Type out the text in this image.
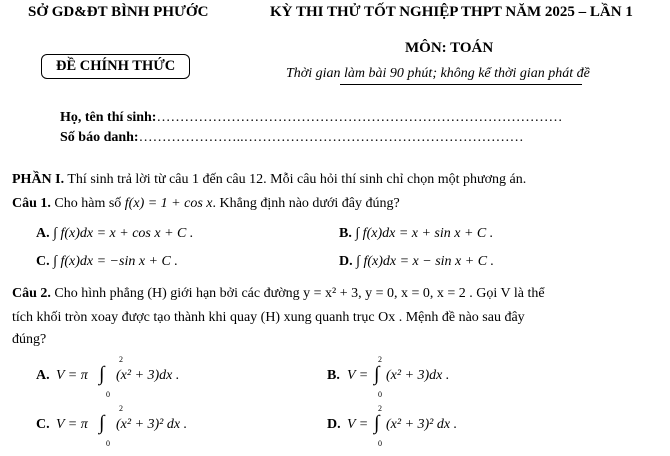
SỞ GD&ĐT BÌNH PHƯỚC
ĐỀ CHÍNH THỨC
KỲ THI THỬ TỐT NGHIỆP THPT NĂM 2025 – LẦN 1
MÔN: TOÁN
Thời gian làm bài 90 phút; không kể thời gian phát đề
Họ, tên thí sinh:……………………………………………………………………………
Số báo danh:…………………..……………………………………………………
PHẦN I. Thí sinh trả lời từ câu 1 đến câu 12. Mỗi câu hỏi thí sinh chỉ chọn một phương án.
Câu 1. Cho hàm số f(x) = 1 + cos x. Khẳng định nào dưới đây đúng?
A. ∫ f(x)dx = x + cos x + C .	B. ∫ f(x)dx = x + sin x + C .
C. ∫ f(x)dx = −sin x + C .	D. ∫ f(x)dx = x − sin x + C .
Câu 2. Cho hình phẳng (H) giới hạn bởi các đường y = x² + 3, y = 0, x = 0, x = 2 . Gọi V là thể
tích khối tròn xoay được tạo thành khi quay (H) xung quanh trục Ox . Mệnh đề nào sau đây
đúng?
A. V = π ∫
2
0
(x² + 3)dx .	B. V = ∫
2
0
(x² + 3)dx .
C. V = π ∫
2
0
(x² + 3)² dx .	D. V = ∫
2
0
(x² + 3)² dx .
